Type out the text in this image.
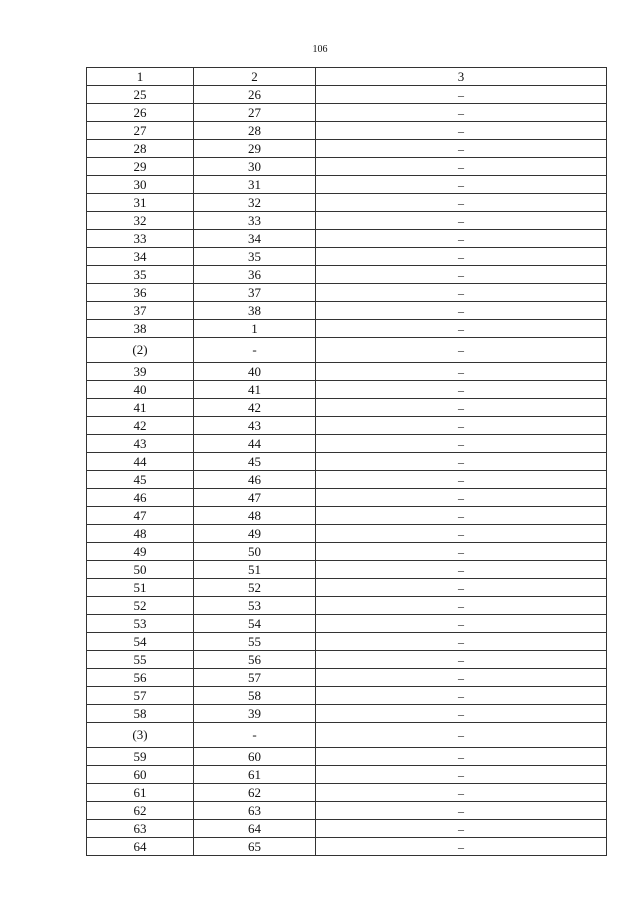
106
1	2	3
25	26	–
26	27	–
27	28	–
28	29	–
29	30	–
30	31	–
31	32	–
32	33	–
33	34	–
34	35	–
35	36	–
36	37	–
37	38	–
38	1	–
(2)	-	–
39	40	–
40	41	–
41	42	–
42	43	–
43	44	–
44	45	–
45	46	–
46	47	–
47	48	–
48	49	–
49	50	–
50	51	–
51	52	–
52	53	–
53	54	–
54	55	–
55	56	–
56	57	–
57	58	–
58	39	–
(3)	-	–
59	60	–
60	61	–
61	62	–
62	63	–
63	64	–
64	65	–
